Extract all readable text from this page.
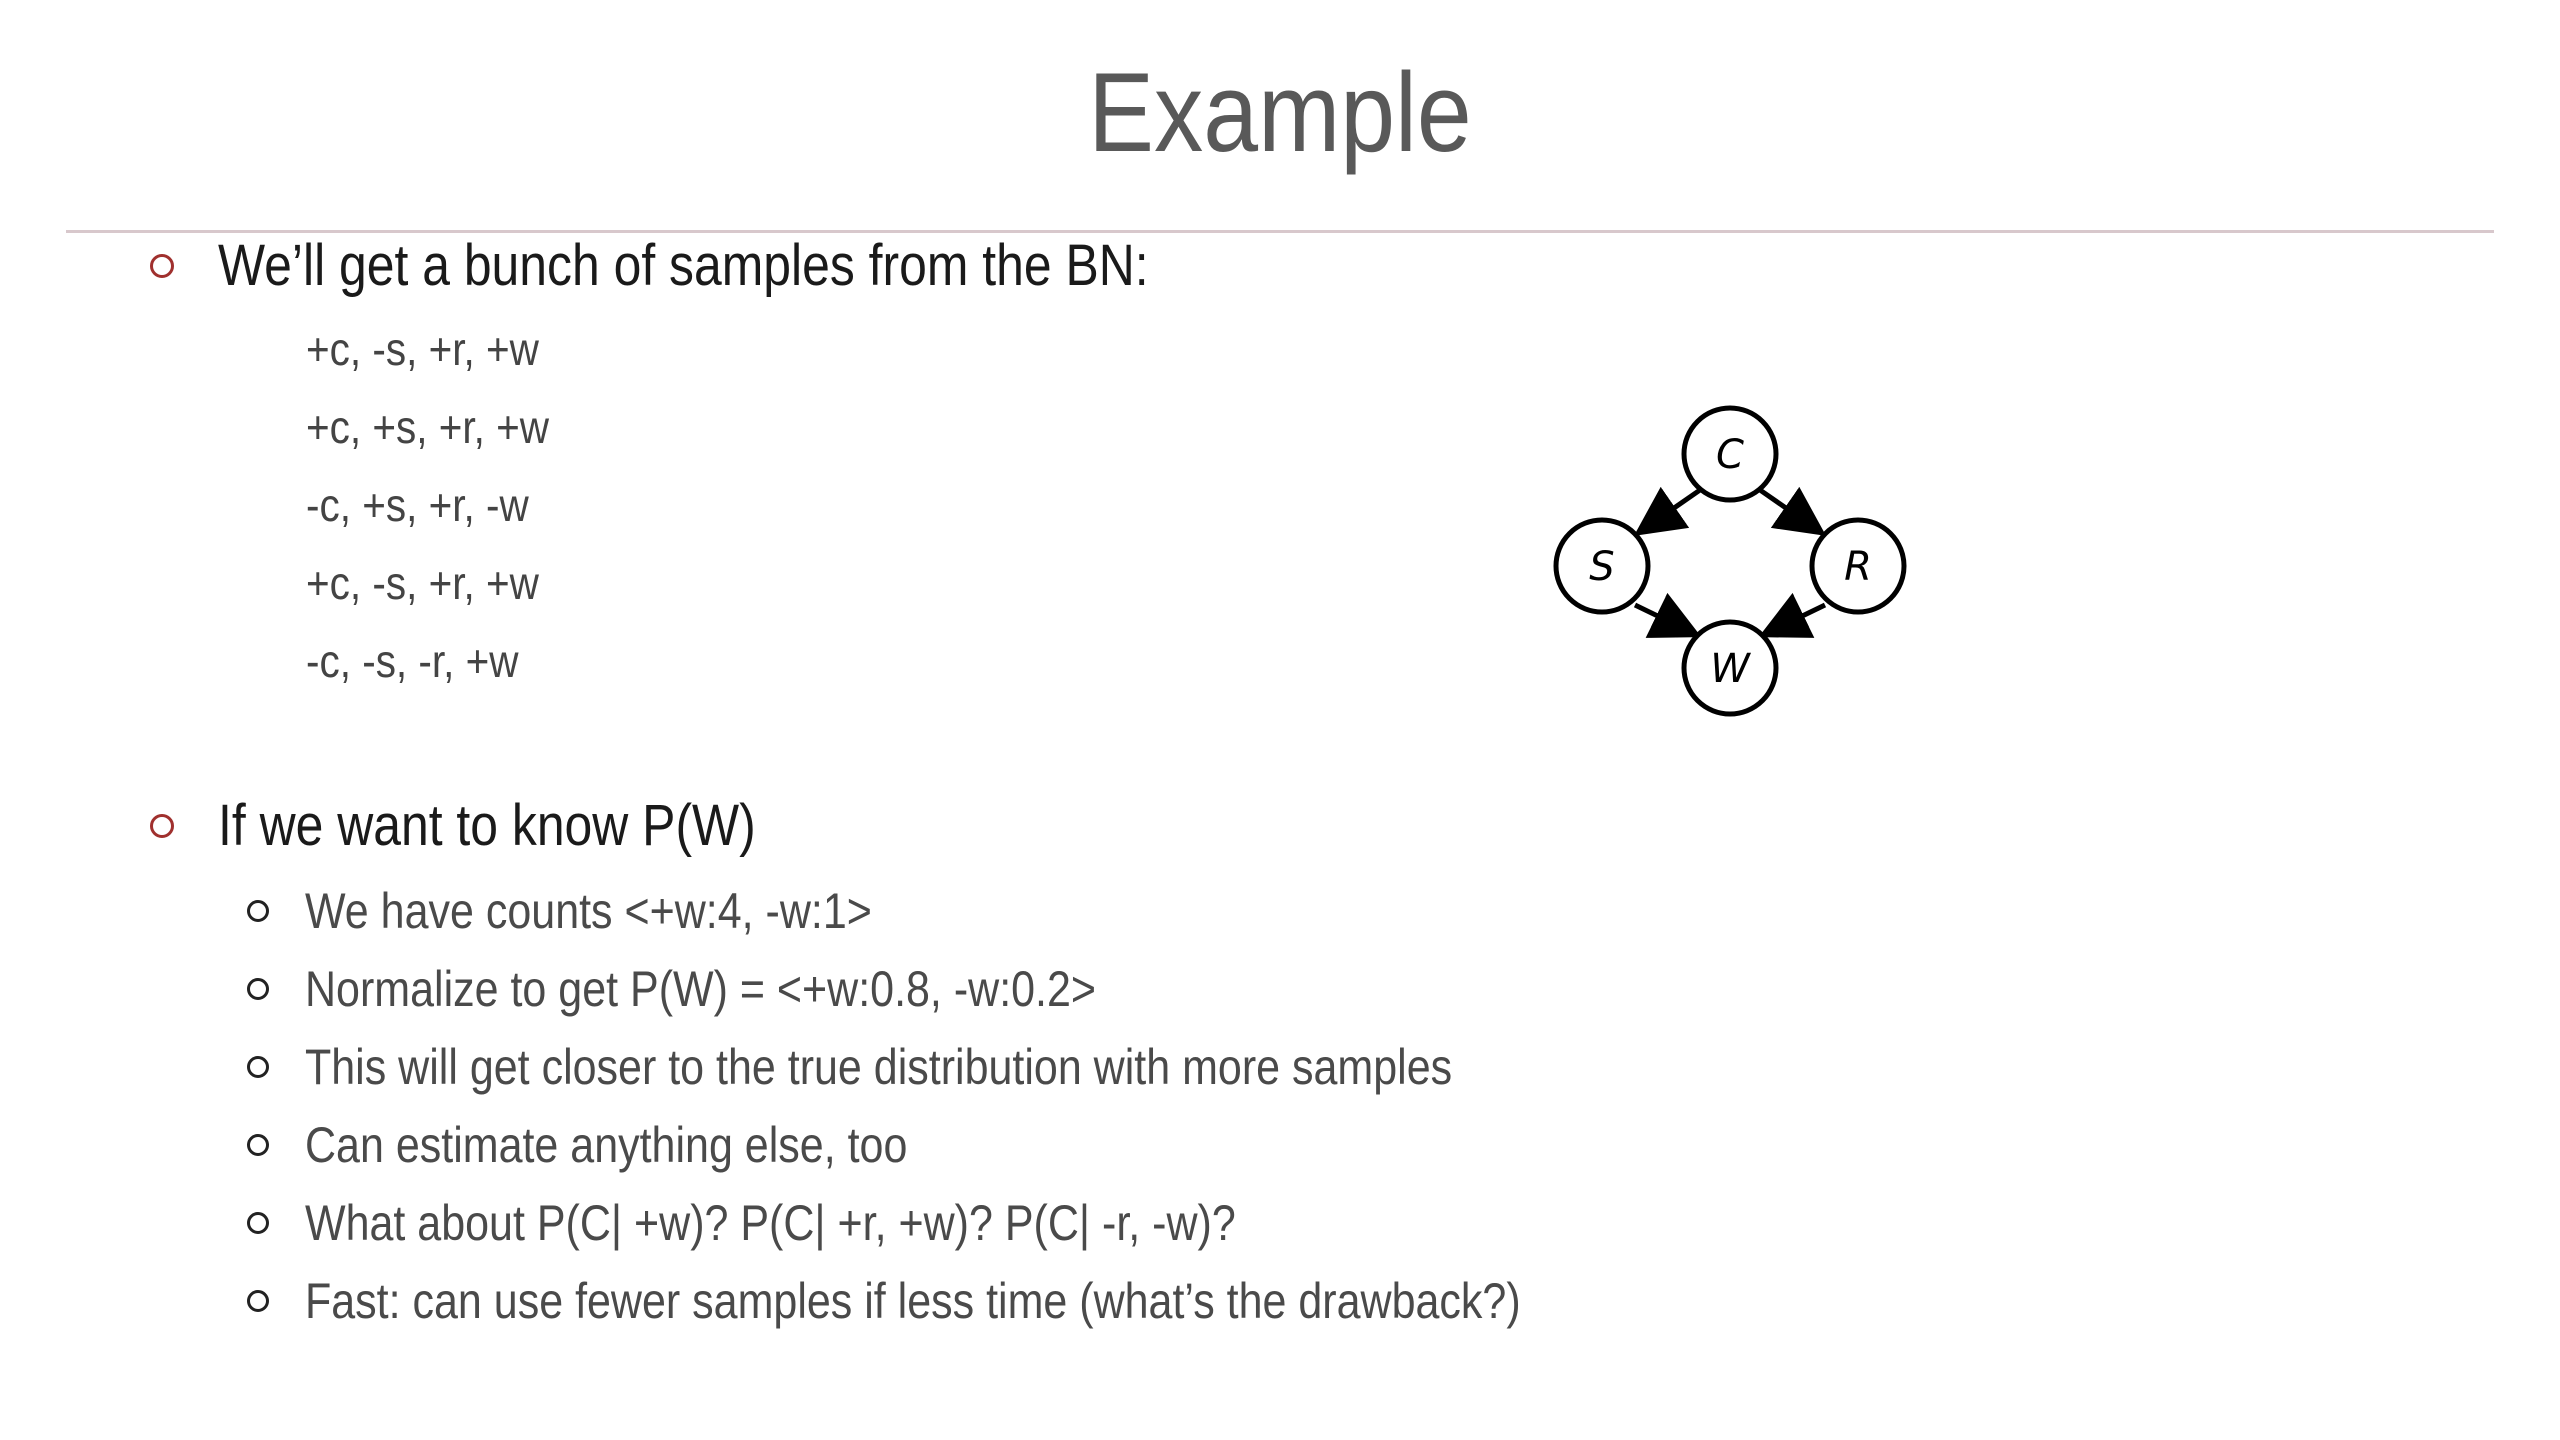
Example
We’ll get a bunch of samples from the BN:
+c, -s, +r, +w
+c, +s, +r, +w
-c, +s, +r, -w
+c, -s, +r, +w
-c, -s, -r, +w
C
S	R
W
If we want to know P(W)
We have counts <+w:4, -w:1>
Normalize to get P(W) = <+w:0.8, -w:0.2>
This will get closer to the true distribution with more samples
Can estimate anything else, too
What about P(C| +w)? P(C| +r, +w)? P(C| -r, -w)?
Fast: can use fewer samples if less time (what’s the drawback?)
